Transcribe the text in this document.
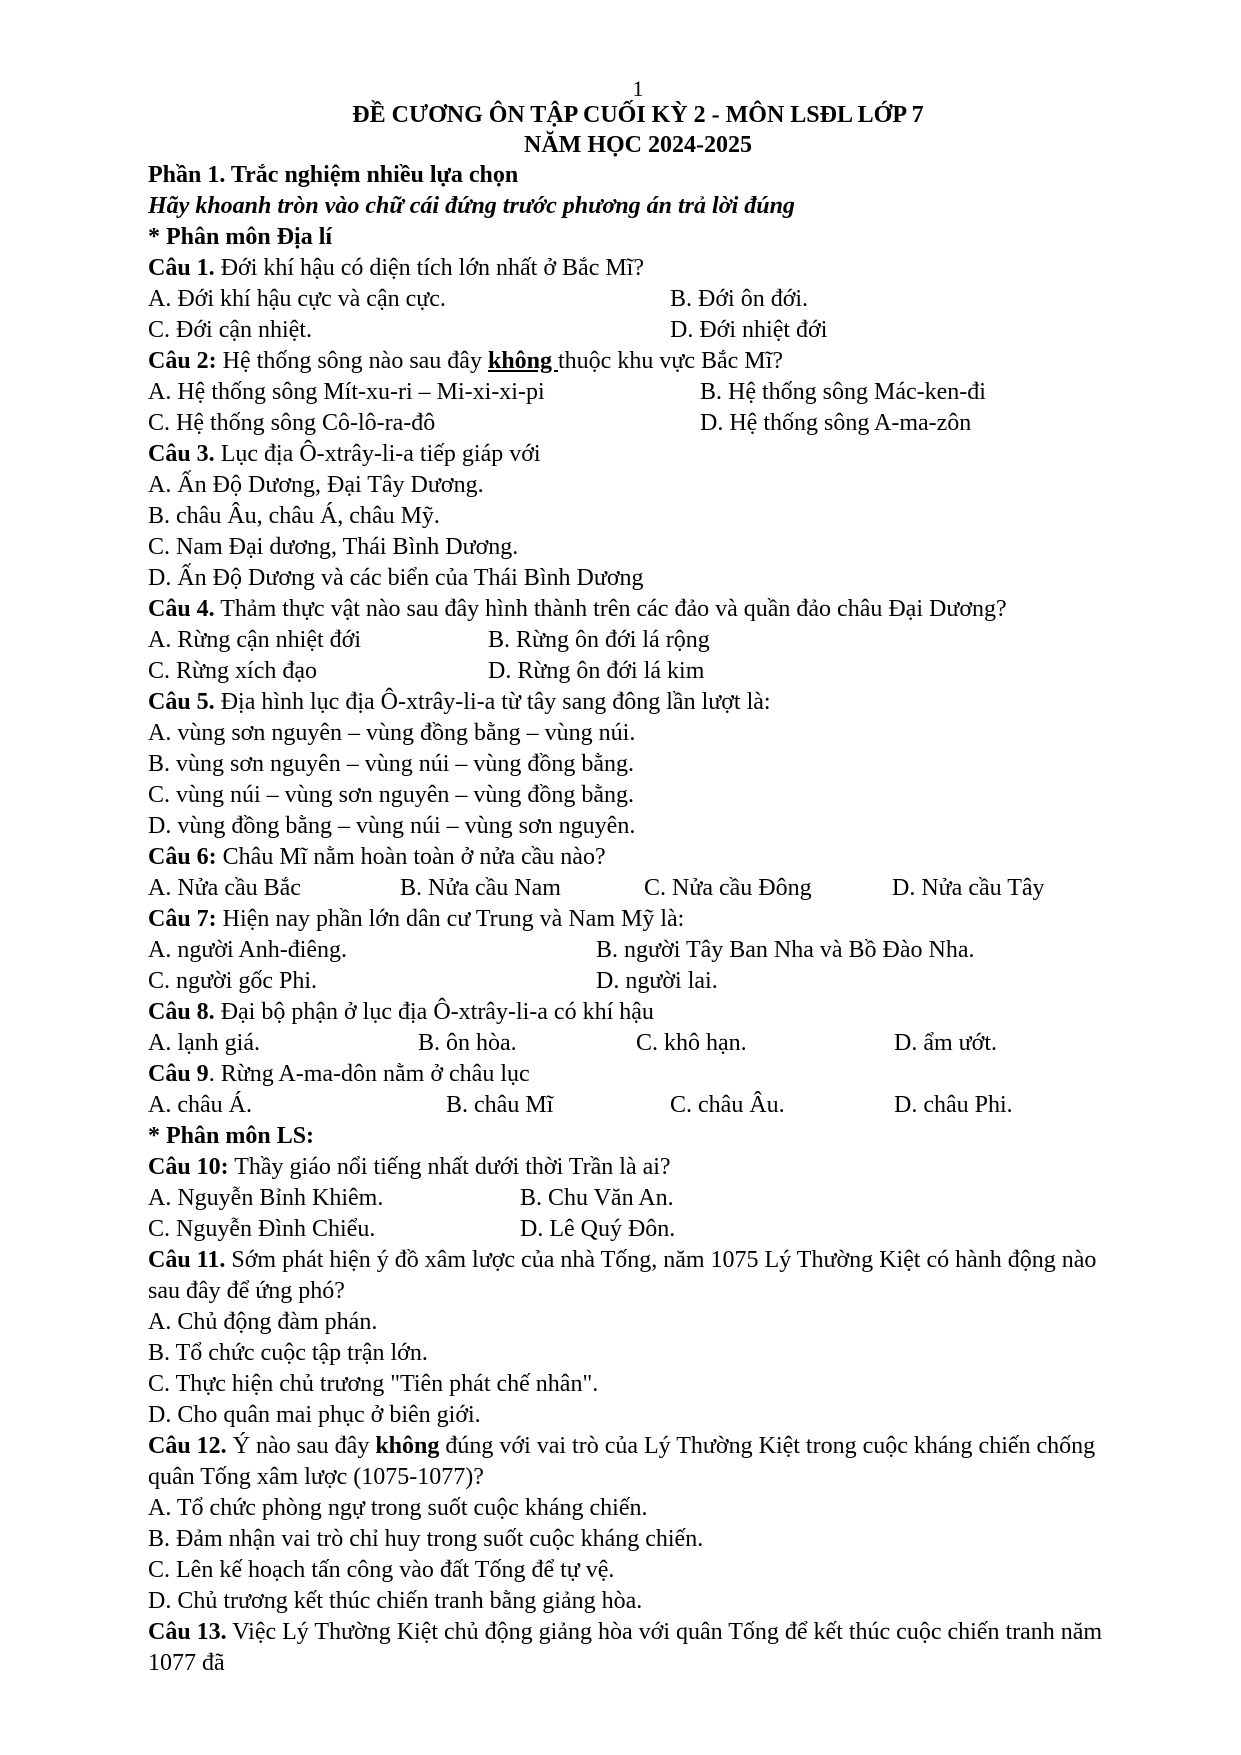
1
ĐỀ CƯƠNG ÔN TẬP CUỐI KỲ 2 - MÔN LSĐL LỚP 7
NĂM HỌC 2024-2025
Phần 1. Trắc nghiệm nhiều lựa chọn
Hãy khoanh tròn vào chữ cái đứng trước phương án trả lời đúng
* Phân môn Địa lí
Câu 1. Đới khí hậu có diện tích lớn nhất ở Bắc Mĩ?
A. Đới khí hậu cực và cận cực.	B. Đới ôn đới.
C. Đới cận nhiệt.	D. Đới nhiệt đới
Câu 2: Hệ thống sông nào sau đây không thuộc khu vực Bắc Mĩ?
A. Hệ thống sông Mít-xu-ri – Mi-xi-xi-pi	B. Hệ thống sông Mác-ken-đi
C. Hệ thống sông Cô-lô-ra-đô	D. Hệ thống sông A-ma-zôn
Câu 3. Lục địa Ô-xtrây-li-a tiếp giáp với
A. Ấn Độ Dương, Đại Tây Dương.
B. châu Âu, châu Á, châu Mỹ.
C. Nam Đại dương, Thái Bình Dương.
D. Ấn Độ Dương và các biển của Thái Bình Dương
Câu 4. Thảm thực vật nào sau đây hình thành trên các đảo và quần đảo châu Đại Dương?
A. Rừng cận nhiệt đới	B. Rừng ôn đới lá rộng
C. Rừng xích đạo	D. Rừng ôn đới lá kim
Câu 5. Địa hình lục địa Ô-xtrây-li-a từ tây sang đông lần lượt là:
A. vùng sơn nguyên – vùng đồng bằng – vùng núi.
B. vùng sơn nguyên – vùng núi – vùng đồng bằng.
C. vùng núi – vùng sơn nguyên – vùng đồng bằng.
D. vùng đồng bằng – vùng núi – vùng sơn nguyên.
Câu 6: Châu Mĩ nằm hoàn toàn ở nửa cầu nào?
A. Nửa cầu Bắc	B. Nửa cầu Nam	C. Nửa cầu Đông	D. Nửa cầu Tây
Câu 7: Hiện nay phần lớn dân cư Trung và Nam Mỹ là:
A. người Anh-điêng.	B. người Tây Ban Nha và Bồ Đào Nha.
C. người gốc Phi.	D. người lai.
Câu 8. Đại bộ phận ở lục địa Ô-xtrây-li-a có khí hậu
A. lạnh giá.	B. ôn hòa.	C. khô hạn.	D. ẩm ướt.
Câu 9. Rừng A-ma-dôn nằm ở châu lục
A. châu Á.	B. châu Mĩ	C. châu Âu.	D. châu Phi.
* Phân môn LS:
Câu 10: Thầy giáo nổi tiếng nhất dưới thời Trần là ai?
A. Nguyễn Bỉnh Khiêm.	B. Chu Văn An.
C. Nguyễn Đình Chiểu.	D. Lê Quý Đôn.
Câu 11. Sớm phát hiện ý đồ xâm lược của nhà Tống, năm 1075 Lý Thường Kiệt có hành động nào sau đây để ứng phó?
A. Chủ động đàm phán.
B. Tổ chức cuộc tập trận lớn.
C. Thực hiện chủ trương "Tiên phát chế nhân".
D. Cho quân mai phục ở biên giới.
Câu 12. Ý nào sau đây không đúng với vai trò của Lý Thường Kiệt trong cuộc kháng chiến chống quân Tống xâm lược (1075-1077)?
A. Tổ chức phòng ngự trong suốt cuộc kháng chiến.
B. Đảm nhận vai trò chỉ huy trong suốt cuộc kháng chiến.
C. Lên kế hoạch tấn công vào đất Tống để tự vệ.
D. Chủ trương kết thúc chiến tranh bằng giảng hòa.
Câu 13. Việc Lý Thường Kiệt chủ động giảng hòa với quân Tống để kết thúc cuộc chiến tranh năm 1077 đã
